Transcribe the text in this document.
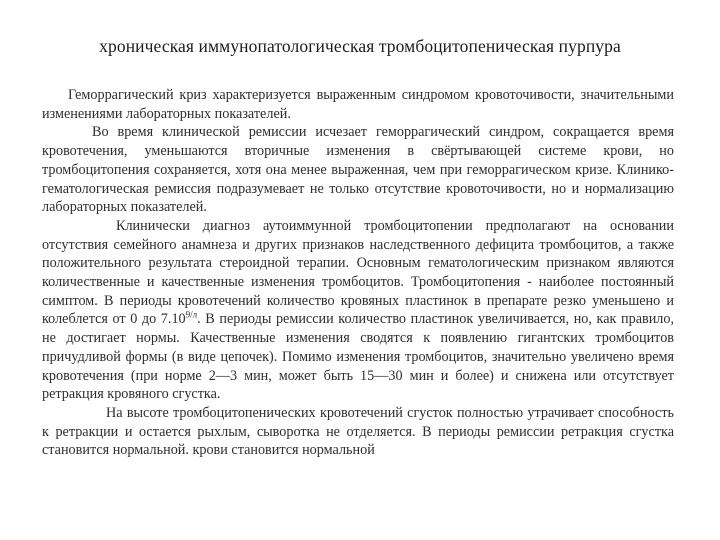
хроническая иммунопатологическая тромбоцитопеническая пурпура

Геморрагический криз характеризуется выраженным синдромом кровоточивости, значительными изменениями лабораторных показателей.

Во время клинической ремиссии исчезает геморрагический синдром, сокращается время кровотечения, уменьшаются вторичные изменения в свёртывающей системе крови, но тромбоцитопения сохраняется, хотя она менее выраженная, чем при геморрагическом кризе. Клинико-гематологическая ремиссия подразумевает не только отсутствие кровоточивости, но и нормализацию лабораторных показателей.

Клинически диагноз аутоиммунной тромбоцитопении предполагают на основании отсутствия семейного анамнеза и других признаков наследственного дефицита тромбоцитов, а также положительного результата стероидной терапии. Основным гематологическим признаком являются количественные и качественные изменения тромбоцитов. Тромбоцитопения - наиболее постоянный симптом. В периоды кровотечений количество кровяных пластинок в препарате резко уменьшено и колеблется от 0 до $7.10^{9/л}$. В периоды ремиссии количество пластинок увеличивается, но, как правило, не достигает нормы. Качественные изменения сводятся к появлению гигантских тромбоцитов причудливой формы (в виде цепочек). Помимо изменения тромбоцитов, значительно увеличено время кровотечения (при норме 2—3 мин, может быть 15—30 мин и более) и снижена или отсутствует ретракция кровяного сгустка.

На высоте тромбоцитопенических кровотечений сгусток полностью утрачивает способность к ретракции и остается рыхлым, сыворотка не отделяется. В периоды ремиссии ретракция сгустка становится нормальной. крови становится нормальной
